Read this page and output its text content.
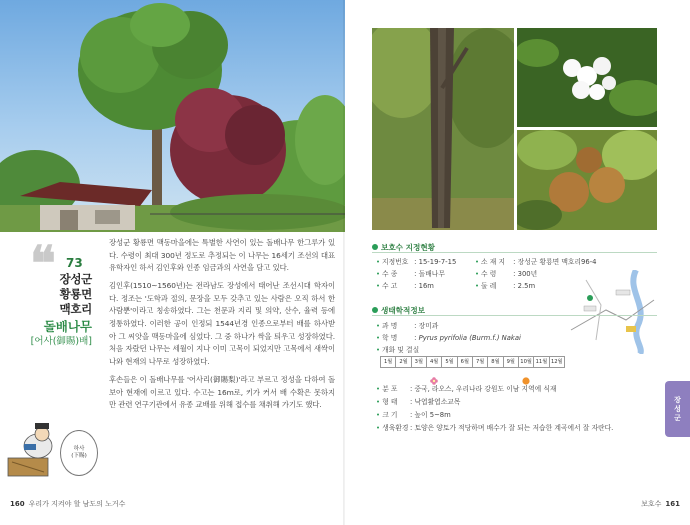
❝ 73
장성군
황룡면
맥호리
돌배나무
[어사(御賜)배]

장성군 황룡면 맥동마을에는 특별한 사연이 있는 돌배나무 한그루가 있다. 수령이 최대 300년 정도로 추정되는 이 나무는 16세기 조선의 대표 유학자인 하서 김인후와 인종 임금과의 사연을 담고 있다.

김인후(1510~1560년)는 전라남도 장성에서 태어난 조선시대 학자이다. 정조는 '도학과 절의, 문장을 모두 갖추고 있는 사람은 오직 하서 한사람뿐'이라고 칭송하였다. 그는 천문과 지리 및 의약, 산수, 율력 등에 정통하였다. 이러한 공이 인정되 1544년경 인종으로부터 배를 하사받아 그 씨앗을 맥동마을에 심었다. 그 중 하나가 싹을 틔우고 성장하였다. 처음 자랐던 나무는 세월이 지나 이미 고목이 되었지만 고목에서 새싹이 나와 현재의 나무로 성장하였다.

후손들은 이 돌배나무를 '어사리(御賜梨)'라고 부르고 정성을 다하여 돌보아 현재에 이르고 있다. 수고는 16m로, 키가 커서 배 수확은 못하지만 관련 연구기관에서 유종 교배를 위해 접수를 채취해 가기도 했다.

하사
(下賜)
160 우리가 지켜야 할 남도의 노거수
보호수 지정현황
• 지정번호 : 15-19-7-15	• 소 재 지 : 장성군 황룡면 맥호리96-4
• 수 종 : 돌배나무	• 수 령 : 300년
• 수 고 : 16m	• 둘 레 : 2.5m
생태학적정보
• 과 명 : 장미과
• 학 명 : Pyrus pyrifolia (Burm.f.) Nakai
• 개화 및 결실
1월	2월	3월	4월	5월	6월	7월	8월	9월	10월 11월 12월
• 분 포 : 중국, 라오스, 우리나라 강원도 이남 지역에 식재
• 형 태 : 낙엽활엽소교목
• 크 기 : 높이 5~8m
• 생육환경 : 토양은 양토가 적당하며 배수가 잘 되는 저습한 계곡에서 잘 자란다.
장
성
군
보호수 161
